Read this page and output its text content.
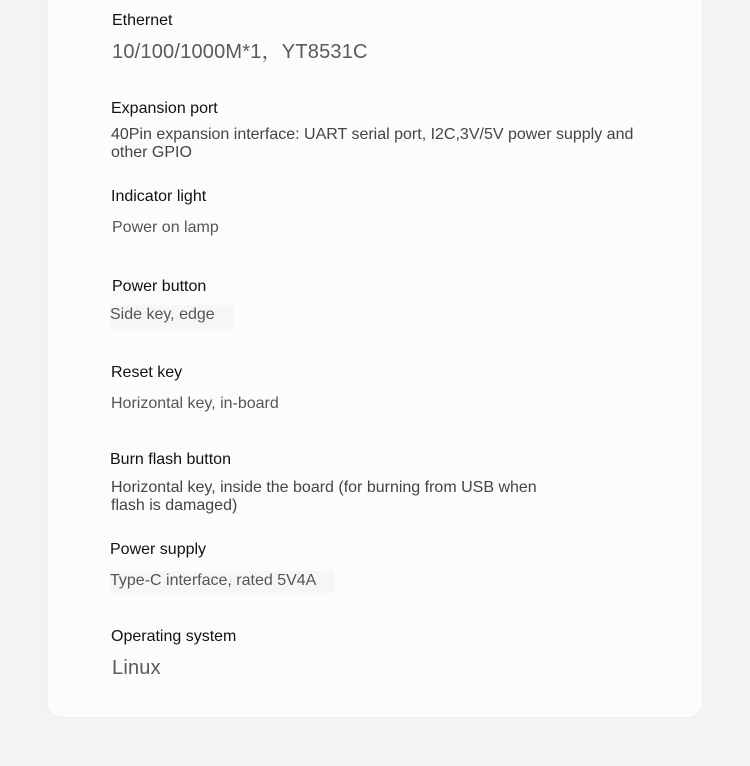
Ethernet
10/100/1000M*1，YT8531C
Expansion port
40Pin expansion interface: UART serial port, I2C,3V/5V power supply and other GPIO
Indicator light
Power on lamp
Power button
Side key, edge
Reset key
Horizontal key, in-board
Burn flash button
Horizontal key, inside the board (for burning from USB when flash is damaged)
Power supply
Type-C interface, rated 5V4A
Operating system
Linux
